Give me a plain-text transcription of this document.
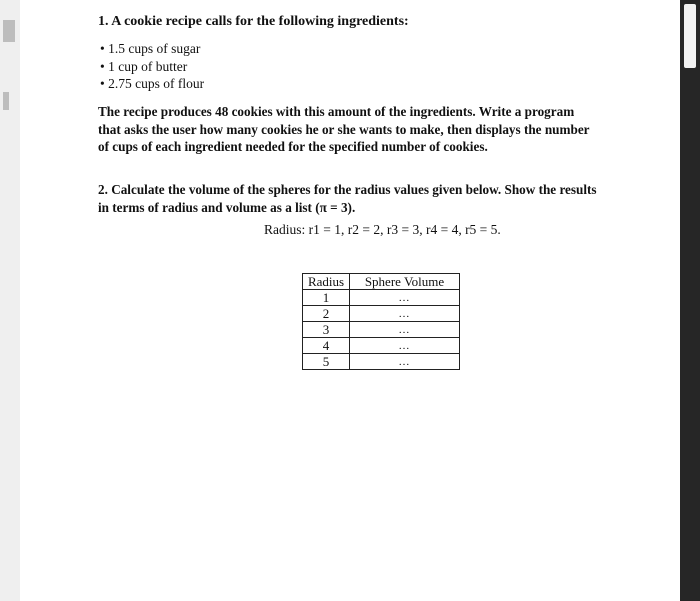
1. A cookie recipe calls for the following ingredients:
• 1.5 cups of sugar
• 1 cup of butter
• 2.75 cups of flour

The recipe produces 48 cookies with this amount of the ingredients. Write a program that asks the user how many cookies he or she wants to make, then displays the number of cups of each ingredient needed for the specified number of cookies.

2. Calculate the volume of the spheres for the radius values given below. Show the results in terms of radius and volume as a list (π = 3).

Radius: r1 = 1, r2 = 2, r3 = 3, r4 = 4, r5 = 5.
Radius	Sphere Volume
1	...
2	...
3	...
4	...
5	...
